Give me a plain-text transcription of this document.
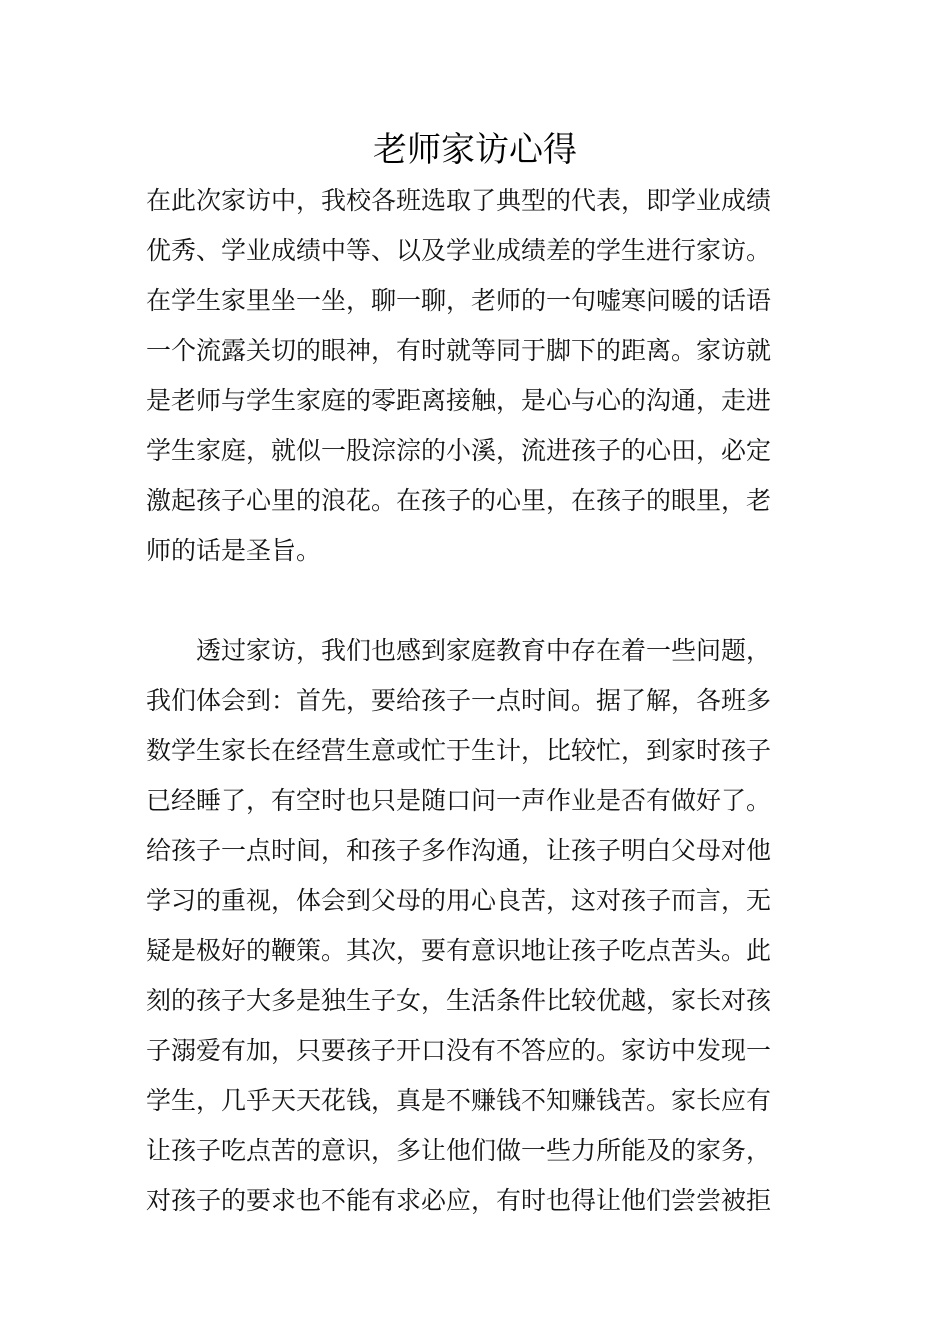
老师家访心得
在此次家访中，我校各班选取了典型的代表，即学业成绩
优秀、学业成绩中等、以及学业成绩差的学生进行家访。
在学生家里坐一坐，聊一聊，老师的一句嘘寒问暖的话语
一个流露关切的眼神，有时就等同于脚下的距离。家访就
是老师与学生家庭的零距离接触，是心与心的沟通，走进
学生家庭，就似一股淙淙的小溪，流进孩子的心田，必定
激起孩子心里的浪花。在孩子的心里，在孩子的眼里，老
师的话是圣旨。
透过家访，我们也感到家庭教育中存在着一些问题，
我们体会到：首先，要给孩子一点时间。据了解，各班多
数学生家长在经营生意或忙于生计，比较忙，到家时孩子
已经睡了，有空时也只是随口问一声作业是否有做好了。
给孩子一点时间，和孩子多作沟通，让孩子明白父母对他
学习的重视，体会到父母的用心良苦，这对孩子而言，无
疑是极好的鞭策。其次，要有意识地让孩子吃点苦头。此
刻的孩子大多是独生子女，生活条件比较优越，家长对孩
子溺爱有加，只要孩子开口没有不答应的。家访中发现一
学生，几乎天天花钱，真是不赚钱不知赚钱苦。家长应有
让孩子吃点苦的意识，多让他们做一些力所能及的家务，
对孩子的要求也不能有求必应，有时也得让他们尝尝被拒
